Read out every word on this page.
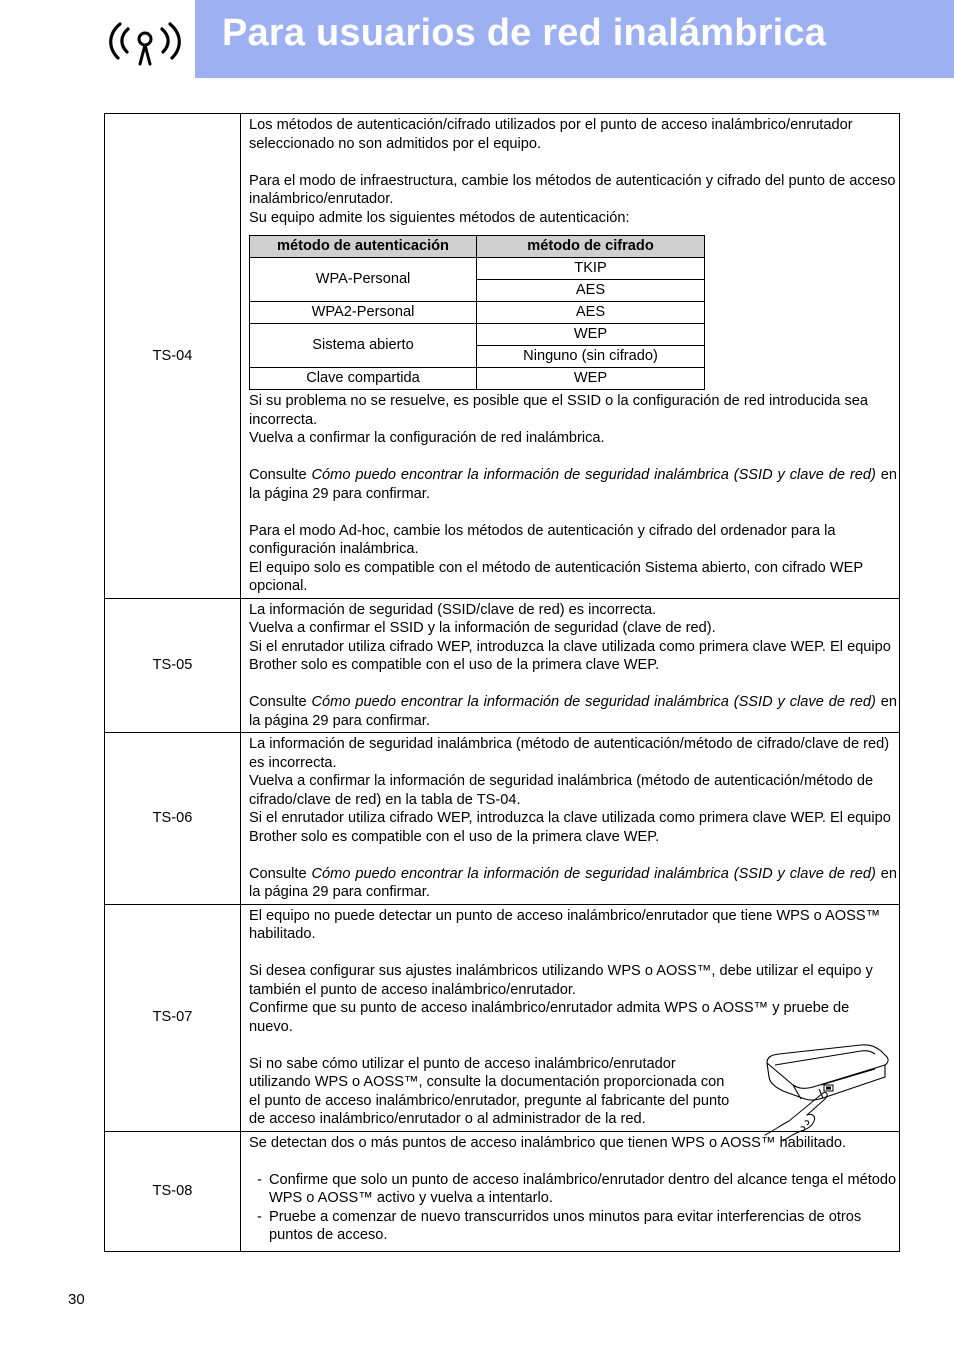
Para usuarios de red inalámbrica
TS-04	

Los métodos de autenticación/cifrado utilizados por el punto de acceso inalámbrico/enrutador seleccionado no son admitidos por el equipo.

Para el modo de infraestructura, cambie los métodos de autenticación y cifrado del punto de acceso inalámbrico/enrutador.

Su equipo admite los siguientes métodos de autenticación:

método de autenticación	método de cifrado
WPA-Personal	TKIP
AES
WPA2-Personal	AES
Sistema abierto	WEP
Ninguno (sin cifrado)
Clave compartida	WEP

Si su problema no se resuelve, es posible que el SSID o la configuración de red introducida sea incorrecta.

Vuelva a confirmar la configuración de red inalámbrica.

Consulte Cómo puedo encontrar la información de seguridad inalámbrica (SSID y clave de red) en la página 29 para confirmar.

Para el modo Ad-hoc, cambie los métodos de autenticación y cifrado del ordenador para la configuración inalámbrica.

El equipo solo es compatible con el método de autenticación Sistema abierto, con cifrado WEP opcional.

TS-05	

La información de seguridad (SSID/clave de red) es incorrecta.

Vuelva a confirmar el SSID y la información de seguridad (clave de red).

Si el enrutador utiliza cifrado WEP, introduzca la clave utilizada como primera clave WEP. El equipo Brother solo es compatible con el uso de la primera clave WEP.

Consulte Cómo puedo encontrar la información de seguridad inalámbrica (SSID y clave de red) en la página 29 para confirmar.

TS-06	

La información de seguridad inalámbrica (método de autenticación/método de cifrado/clave de red) es incorrecta.

Vuelva a confirmar la información de seguridad inalámbrica (método de autenticación/método de cifrado/clave de red) en la tabla de TS-04.

Si el enrutador utiliza cifrado WEP, introduzca la clave utilizada como primera clave WEP. El equipo Brother solo es compatible con el uso de la primera clave WEP.

Consulte Cómo puedo encontrar la información de seguridad inalámbrica (SSID y clave de red) en la página 29 para confirmar.

TS-07	

El equipo no puede detectar un punto de acceso inalámbrico/enrutador que tiene WPS o AOSS™ habilitado.

Si desea configurar sus ajustes inalámbricos utilizando WPS o AOSS™, debe utilizar el equipo y también el punto de acceso inalámbrico/enrutador.

Confirme que su punto de acceso inalámbrico/enrutador admita WPS o AOSS™ y pruebe de nuevo.

Si no sabe cómo utilizar el punto de acceso inalámbrico/enrutador utilizando WPS o AOSS™, consulte la documentación proporcionada con el punto de acceso inalámbrico/enrutador, pregunte al fabricante del punto de acceso inalámbrico/enrutador o al administrador de la red.

TS-08	

Se detectan dos o más puntos de acceso inalámbrico que tienen WPS o AOSS™ habilitado.

- Confirme que solo un punto de acceso inalámbrico/enrutador dentro del alcance tenga el método WPS o AOSS™ activo y vuelva a intentarlo.
- Pruebe a comenzar de nuevo transcurridos unos minutos para evitar interferencias de otros puntos de acceso.
30
